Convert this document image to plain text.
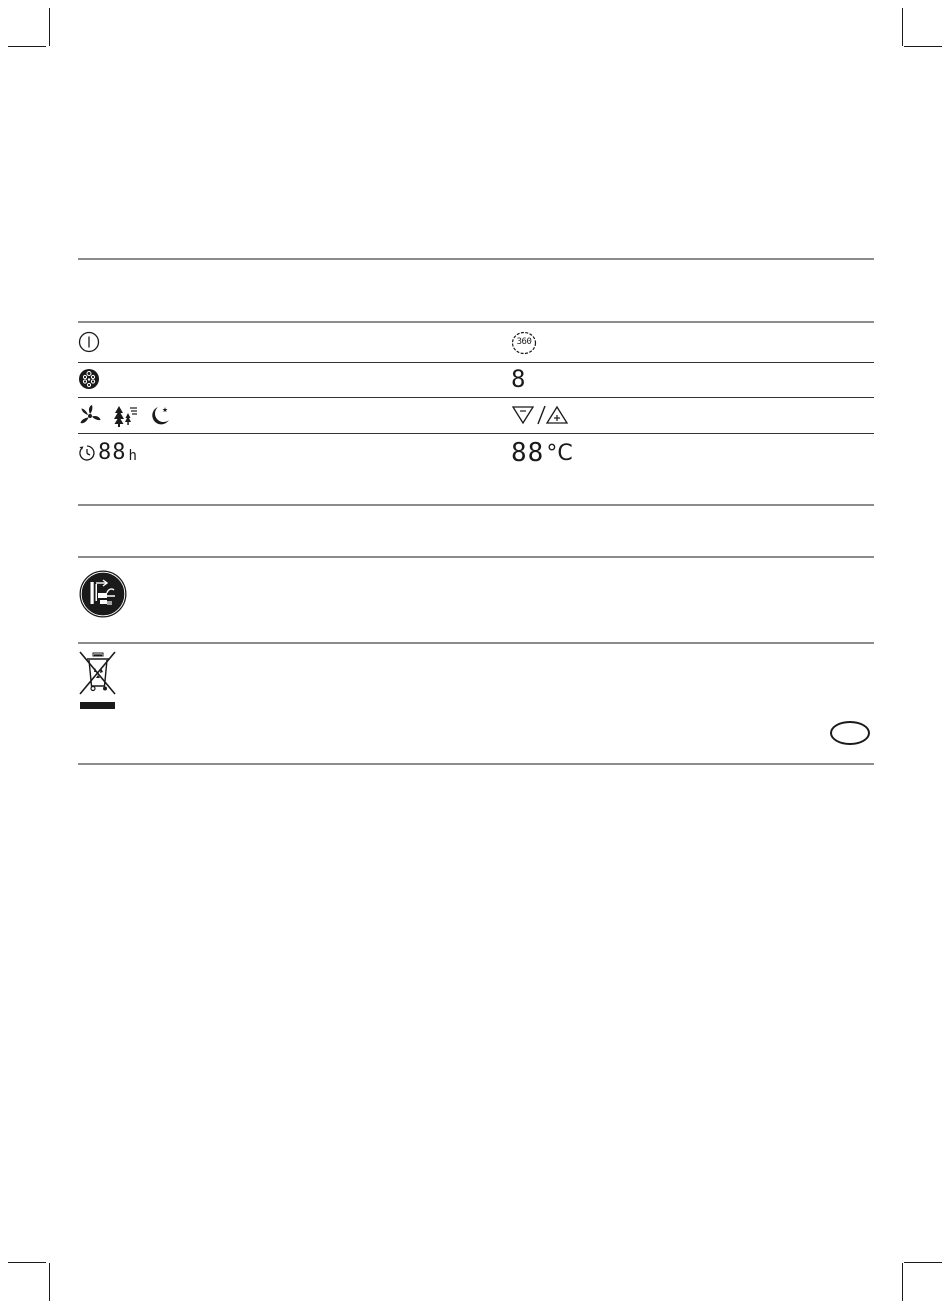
360
8
88 h	88 °C
